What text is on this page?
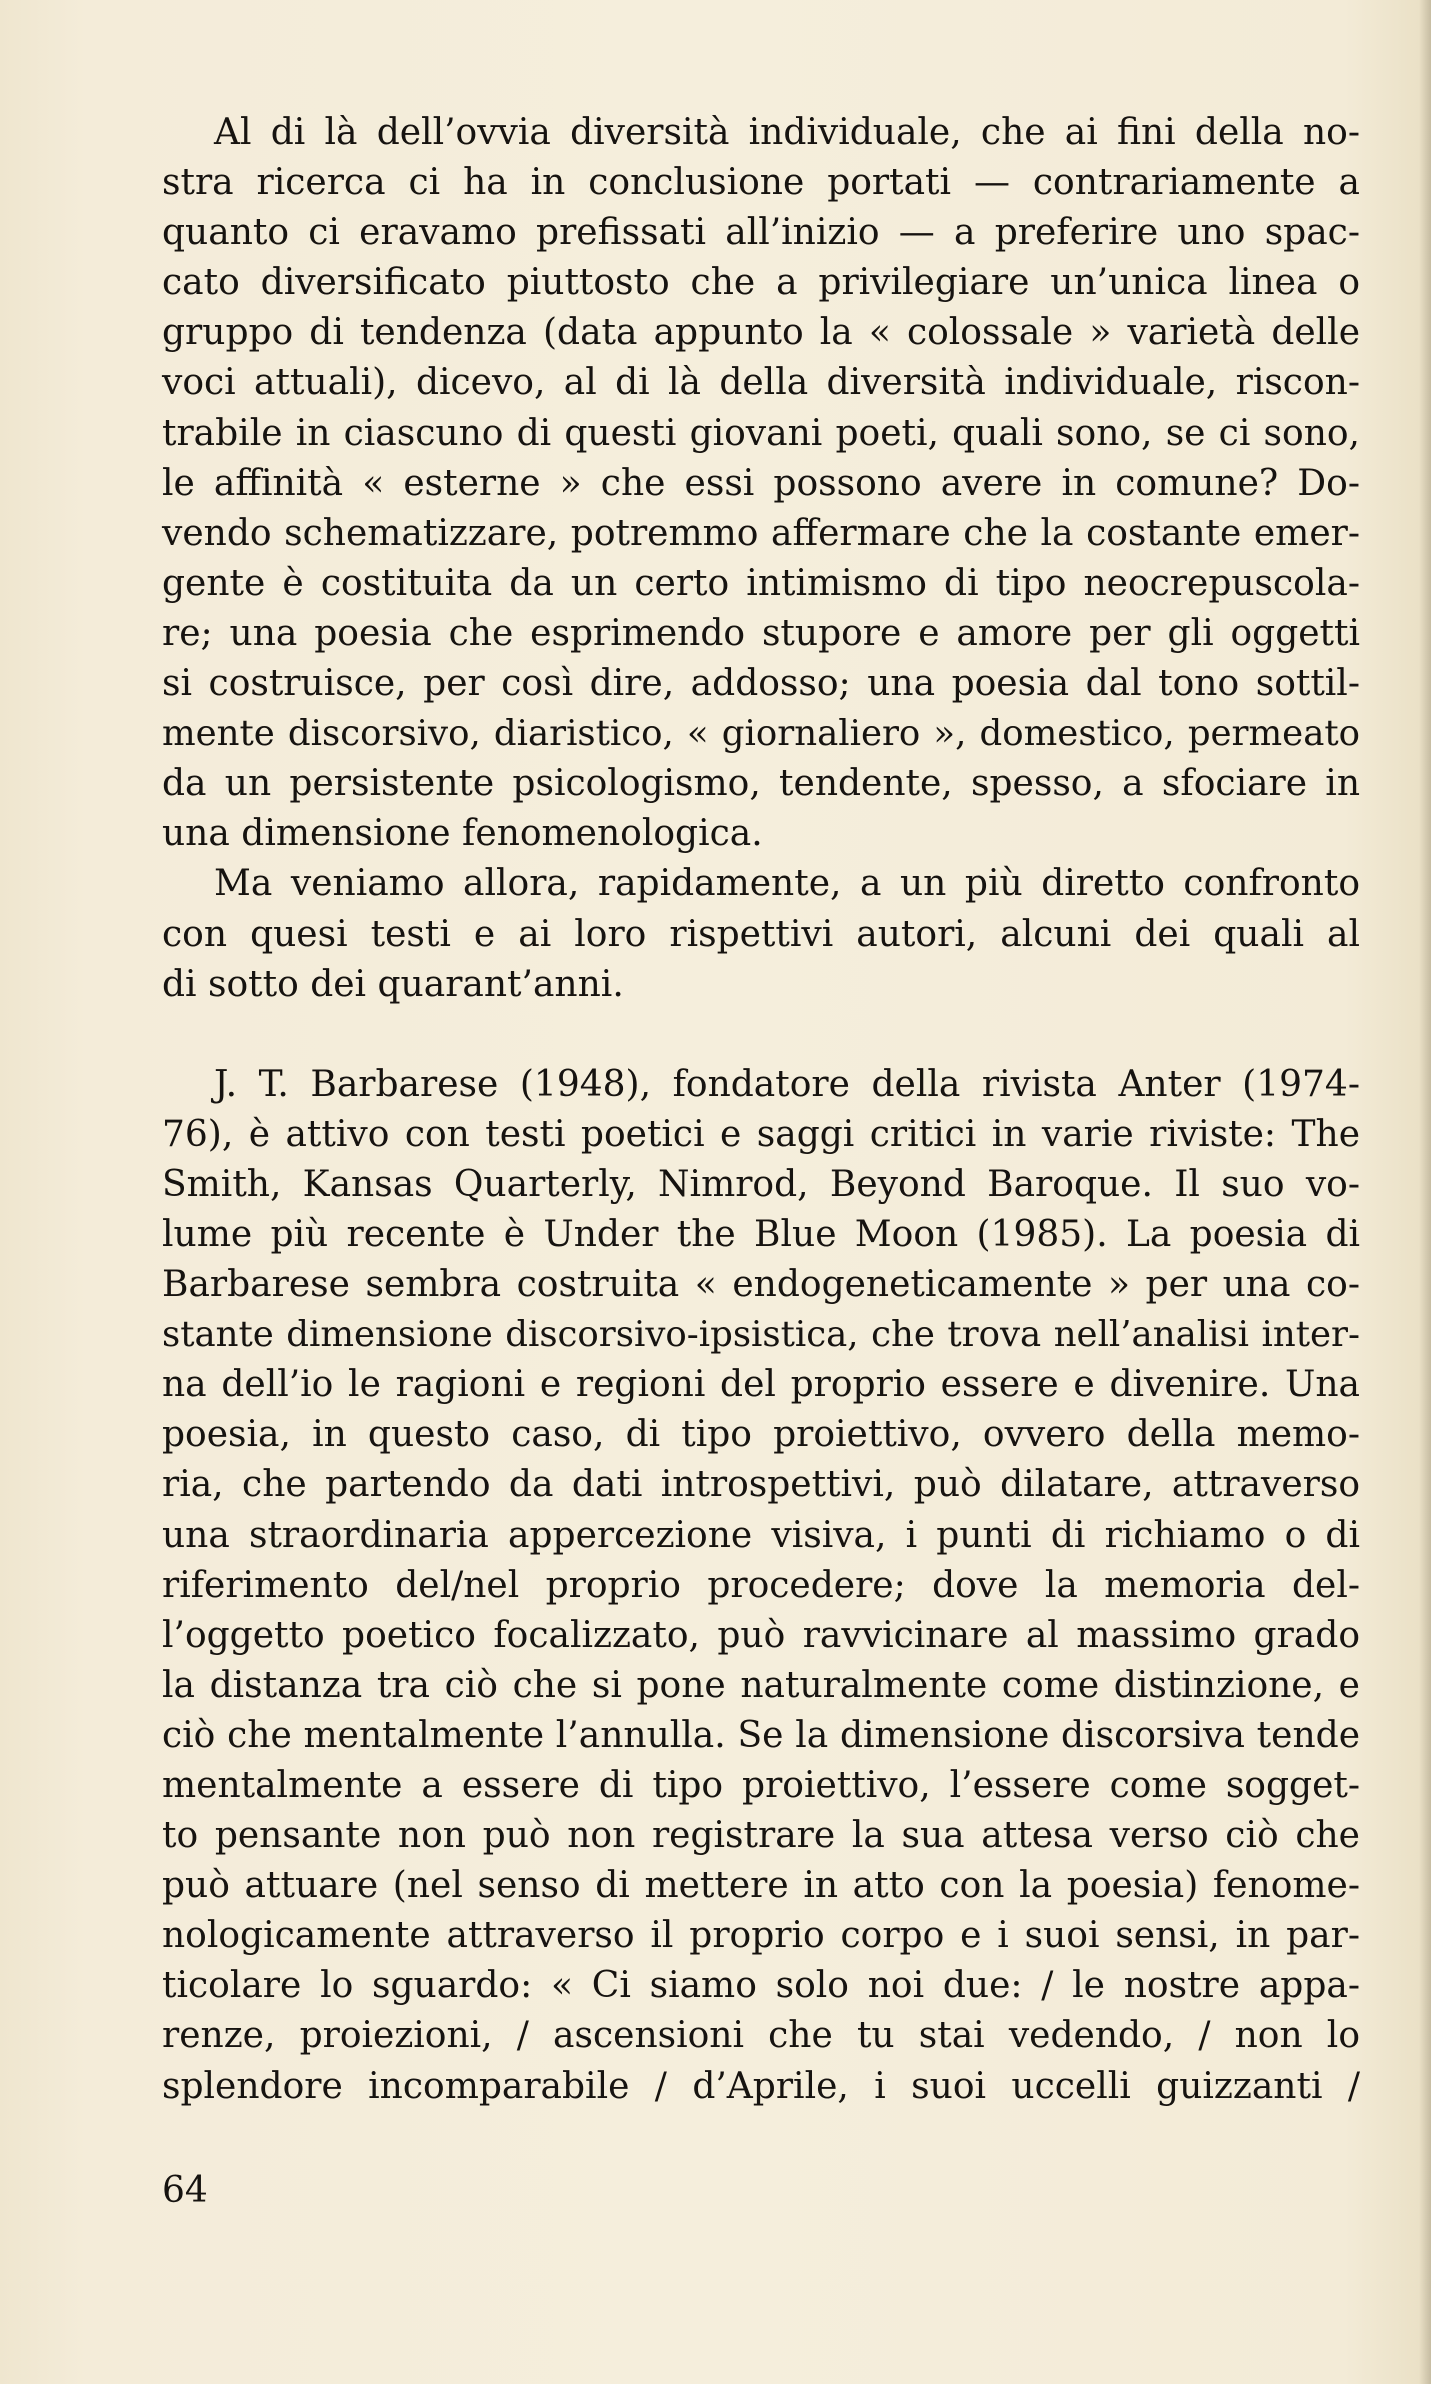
Al di là dell’ovvia diversità individuale, che ai fini della no-
stra ricerca ci ha in conclusione portati — contrariamente a
quanto ci eravamo prefissati all’inizio — a preferire uno spac-
cato diversificato piuttosto che a privilegiare un’unica linea o
gruppo di tendenza (data appunto la « colossale » varietà delle
voci attuali), dicevo, al di là della diversità individuale, riscon-
trabile in ciascuno di questi giovani poeti, quali sono, se ci sono,
le affinità « esterne » che essi possono avere in comune? Do-
vendo schematizzare, potremmo affermare che la costante emer-
gente è costituita da un certo intimismo di tipo neocrepuscola-
re; una poesia che esprimendo stupore e amore per gli oggetti
si costruisce, per così dire, addosso; una poesia dal tono sottil-
mente discorsivo, diaristico, « giornaliero », domestico, permeato
da un persistente psicologismo, tendente, spesso, a sfociare in
una dimensione fenomenologica.
Ma veniamo allora, rapidamente, a un più diretto confronto
con quesi testi e ai loro rispettivi autori, alcuni dei quali al
di sotto dei quarant’anni.
J. T. Barbarese (1948), fondatore della rivista Anter (1974-
76), è attivo con testi poetici e saggi critici in varie riviste: The
Smith, Kansas Quarterly, Nimrod, Beyond Baroque. Il suo vo-
lume più recente è Under the Blue Moon (1985). La poesia di
Barbarese sembra costruita « endogeneticamente » per una co-
stante dimensione discorsivo-ipsistica, che trova nell’analisi inter-
na dell’io le ragioni e regioni del proprio essere e divenire. Una
poesia, in questo caso, di tipo proiettivo, ovvero della memo-
ria, che partendo da dati introspettivi, può dilatare, attraverso
una straordinaria appercezione visiva, i punti di richiamo o di
riferimento del/nel proprio procedere; dove la memoria del-
l’oggetto poetico focalizzato, può ravvicinare al massimo grado
la distanza tra ciò che si pone naturalmente come distinzione, e
ciò che mentalmente l’annulla. Se la dimensione discorsiva tende
mentalmente a essere di tipo proiettivo, l’essere come sogget-
to pensante non può non registrare la sua attesa verso ciò che
può attuare (nel senso di mettere in atto con la poesia) fenome-
nologicamente attraverso il proprio corpo e i suoi sensi, in par-
ticolare lo sguardo: « Ci siamo solo noi due: / le nostre appa-
renze, proiezioni, / ascensioni che tu stai vedendo, / non lo
splendore incomparabile / d’Aprile, i suoi uccelli guizzanti /
64
